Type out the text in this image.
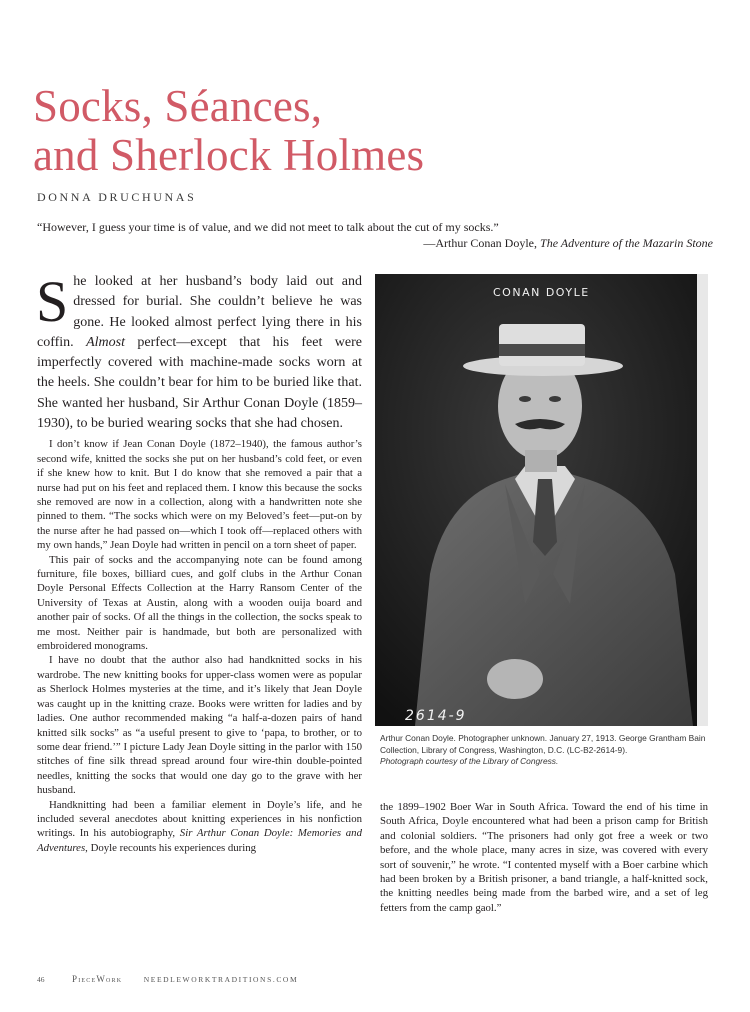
Socks, Séances,
and Sherlock Holmes
DONNA DRUCHUNAS
“However, I guess your time is of value, and we did not meet to talk about the cut of my socks.”
—Arthur Conan Doyle, The Adventure of the Mazarin Stone

She looked at her husband’s body laid out and dressed for burial. She couldn’t believe he was gone. He looked almost perfect lying there in his coffin. Almost perfect—except that his feet were imperfectly covered with machine-made socks worn at the heels. She couldn’t bear for him to be buried like that. She wanted her husband, Sir Arthur Conan Doyle (1859–1930), to be buried wearing socks that she had chosen.

I don’t know if Jean Conan Doyle (1872–1940), the famous author’s second wife, knitted the socks she put on her husband’s cold feet, or even if she knew how to knit. But I do know that she removed a pair that a nurse had put on his feet and replaced them. I know this because the socks she removed are now in a collection, along with a handwritten note she pinned to them. “The socks which were on my Beloved’s feet—put-on by the nurse after he had passed on—which I took off—replaced others with my own hands,” Jean Doyle had written in pencil on a torn sheet of paper.

This pair of socks and the accompanying note can be found among furniture, file boxes, billiard cues, and golf clubs in the Arthur Conan Doyle Personal Effects Collection at the Harry Ransom Center of the University of Texas at Austin, along with a wooden ouija board and another pair of socks. Of all the things in the collection, the socks speak to me most. Neither pair is handmade, but both are personalized with embroidered monograms.

I have no doubt that the author also had handknitted socks in his wardrobe. The new knitting books for upper-class women were as popular as Sherlock Holmes mysteries at the time, and it’s likely that Jean Doyle was caught up in the knitting craze. Books were written for ladies and by ladies. One author recommended making “a half-a-dozen pairs of hand knitted silk socks” as “a useful present to give to ‘papa, to brother, or to some dear friend.’” I picture Lady Jean Doyle sitting in the parlor with 150 stitches of fine silk thread spread around four wire-thin double-pointed needles, knitting the socks that would one day go to the grave with her husband.

Handknitting had been a familiar element in Doyle’s life, and he included several anecdotes about knitting experiences in his nonfiction writings. In his autobiography, Sir Arthur Conan Doyle: Memories and Adventures, Doyle recounts his experiences during

CONAN DOYLE
2614-9
Arthur Conan Doyle. Photographer unknown. January 27, 1913. George Grantham Bain Collection, Library of Congress, Washington, D.C. (LC-B2-2614-9).
Photograph courtesy of the Library of Congress.

the 1899–1902 Boer War in South Africa. Toward the end of his time in South Africa, Doyle encountered what had been a prison camp for British and colonial soldiers. “The prisoners had only got free a week or two before, and the whole place, many acres in size, was covered with every sort of souvenir,” he wrote. “I contented myself with a Boer carbine which had been broken by a British prisoner, a band triangle, a half-knitted sock, the knitting needles being made from the barbed wire, and a set of leg fetters from the camp gaol.”

46	PieceWork	NEEDLEWORKTRADITIONS.COM
